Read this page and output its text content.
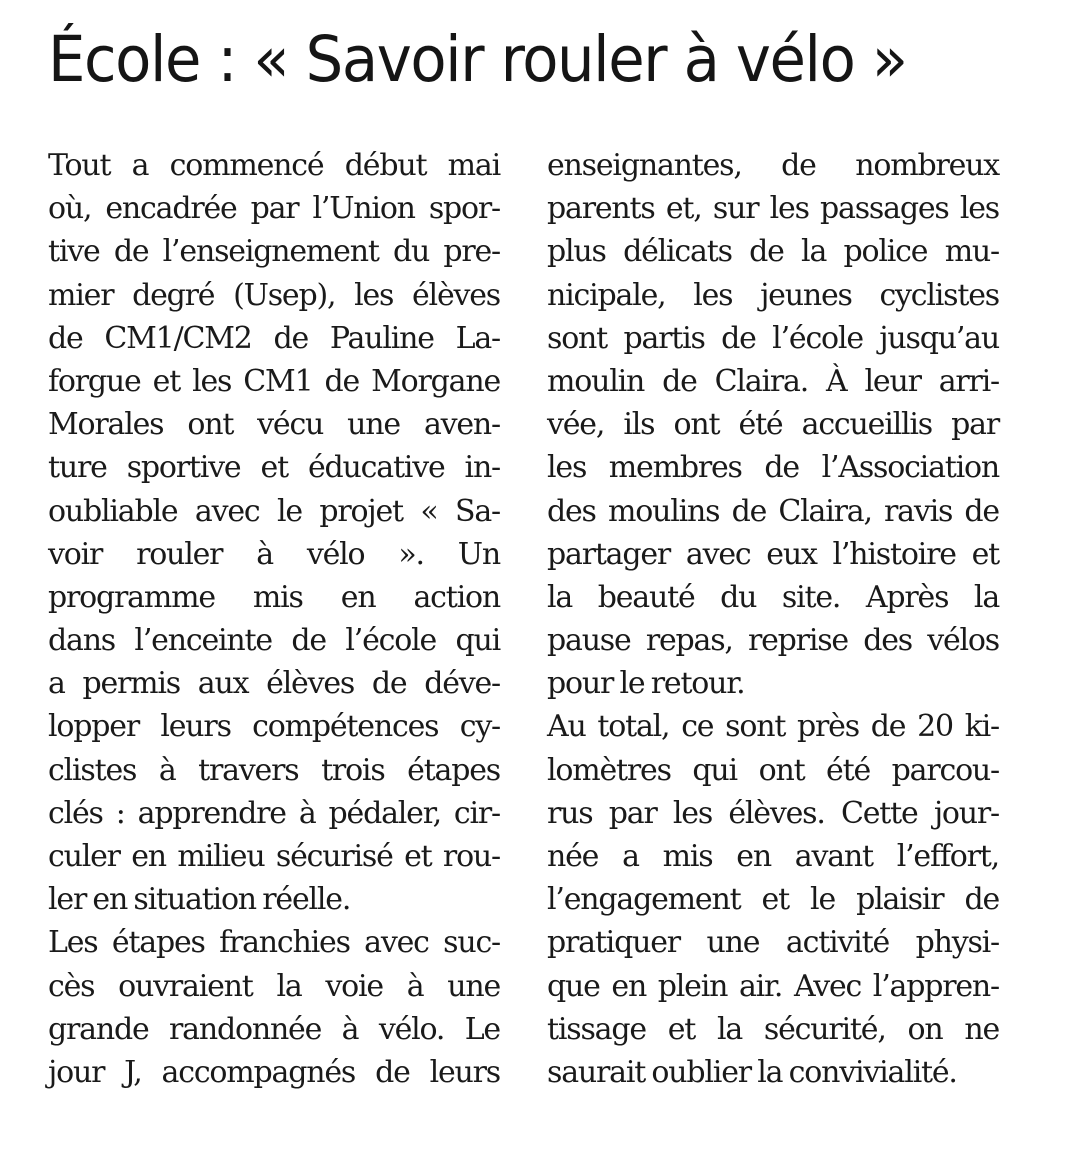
École : « Savoir rouler à vélo »
Tout a commencé début mai
où, encadrée par l’Union spor-
tive de l’enseignement du pre-
mier degré (Usep), les élèves
de CM1/CM2 de Pauline La-
forgue et les CM1 de Morgane
Morales ont vécu une aven-
ture sportive et éducative in-
oubliable avec le projet « Sa-
voir rouler à vélo ». Un
programme mis en action
dans l’enceinte de l’école qui
a permis aux élèves de déve-
lopper leurs compétences cy-
clistes à travers trois étapes
clés : apprendre à pédaler, cir-
culer en milieu sécurisé et rou-
ler en situation réelle.
Les étapes franchies avec suc-
cès ouvraient la voie à une
grande randonnée à vélo. Le
jour J, accompagnés de leurs
enseignantes, de nombreux
parents et, sur les passages les
plus délicats de la police mu-
nicipale, les jeunes cyclistes
sont partis de l’école jusqu’au
moulin de Claira. À leur arri-
vée, ils ont été accueillis par
les membres de l’Association
des moulins de Claira, ravis de
partager avec eux l’histoire et
la beauté du site. Après la
pause repas, reprise des vélos
pour le retour.
Au total, ce sont près de 20 ki-
lomètres qui ont été parcou-
rus par les élèves. Cette jour-
née a mis en avant l’effort,
l’engagement et le plaisir de
pratiquer une activité physi-
que en plein air. Avec l’appren-
tissage et la sécurité, on ne
saurait oublier la convivialité.
